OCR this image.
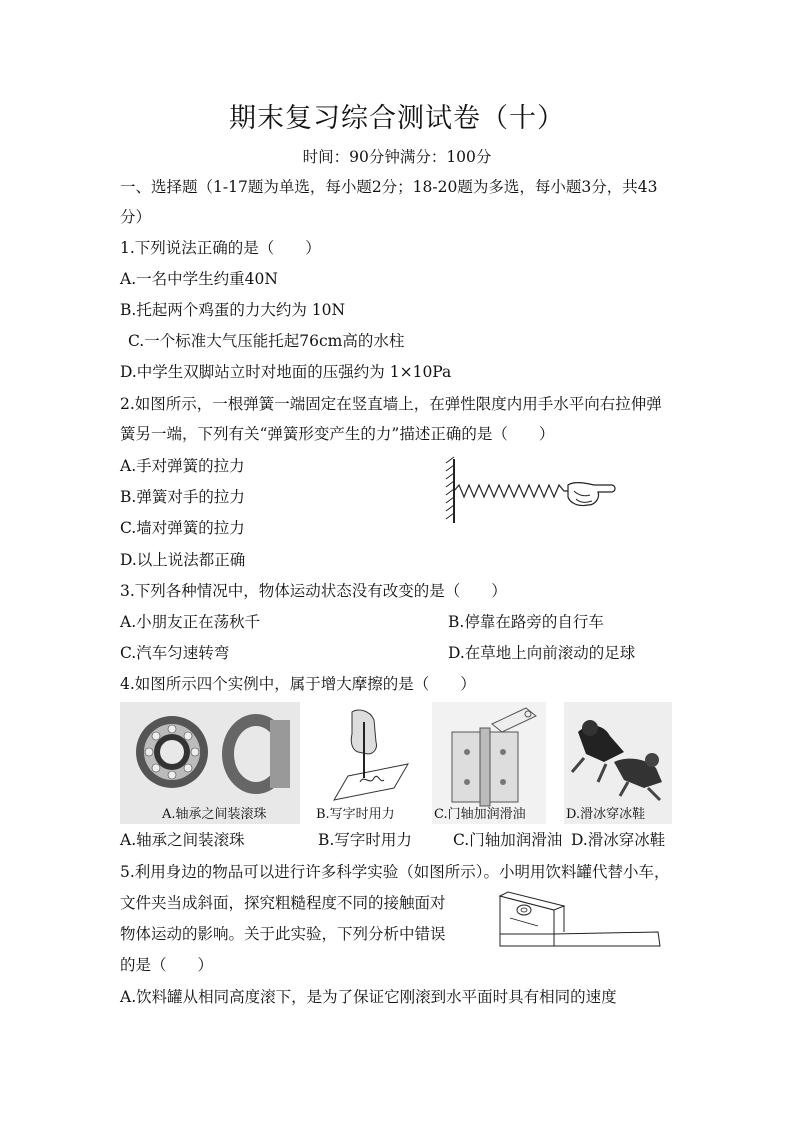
期末复习综合测试卷（十）
时间：90分钟满分：100分
一、选择题（1-17题为单选，每小题2分；18-20题为多选，每小题3分，共43
分）
1.下列说法正确的是（　　）
A.一名中学生约重40N
B.托起两个鸡蛋的力大约为 10N
C.一个标准大气压能托起76cm高的水柱
D.中学生双脚站立时对地面的压强约为 1×10Pa
2.如图所示，一根弹簧一端固定在竖直墙上，在弹性限度内用手水平向右拉伸弹
簧另一端，下列有关“弹簧形变产生的力”描述正确的是（　　）
A.手对弹簧的拉力
B.弹簧对手的拉力
C.墙对弹簧的拉力
D.以上说法都正确
3.下列各种情况中，物体运动状态没有改变的是（　　）
A.小朋友正在荡秋千	B.停靠在路旁的自行车
C.汽车匀速转弯	D.在草地上向前滚动的足球
4.如图所示四个实例中，属于增大摩擦的是（　　）
A.轴承之间装滚珠	B.写字时用力	C.门轴加润滑油	D.滑冰穿冰鞋
A.轴承之间装滚珠	B.写字时用力	C.门轴加润滑油 D.滑冰穿冰鞋
5.利用身边的物品可以进行许多科学实验（如图所示）。小明用饮料罐代替小车，
文件夹当成斜面，探究粗糙程度不同的接触面对
物体运动的影响。关于此实验，下列分析中错误
的是（　　）
A.饮料罐从相同高度滚下，是为了保证它刚滚到水平面时具有相同的速度
